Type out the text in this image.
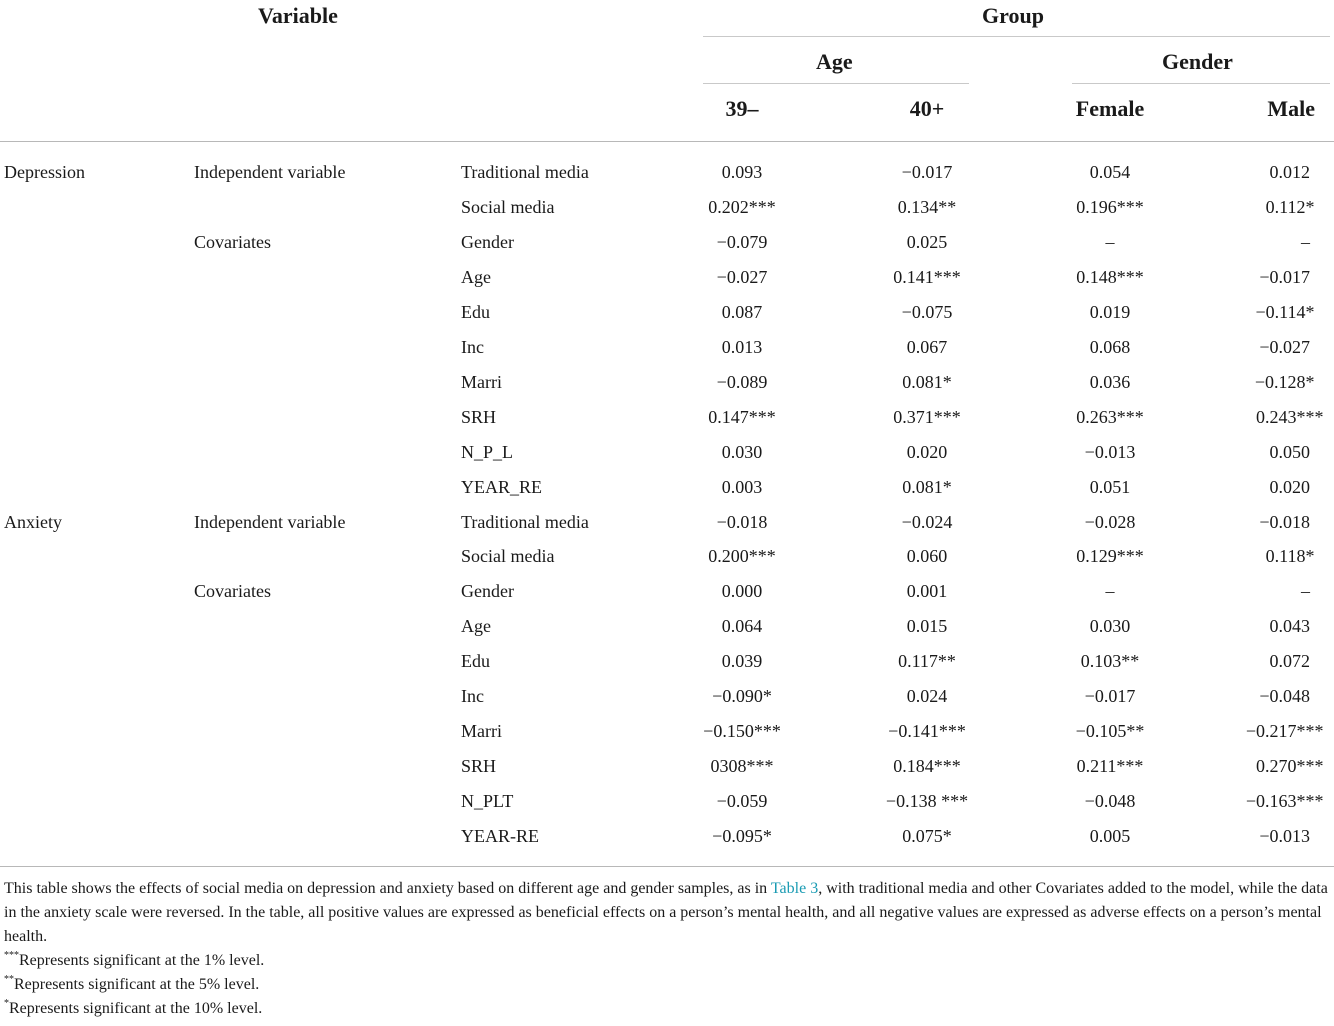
Variable	Group
Age	Gender
39–	40+	Female	Male
Depression	Independent variable	Traditional media	0.093	−0.017	0.054	0.012
Social media	0.202***	0.134**	0.196***	0.112*
Covariates	Gender	−0.079	0.025	–	–
Age	−0.027	0.141***	0.148***	−0.017
Edu	0.087	−0.075	0.019	−0.114*
Inc	0.013	0.067	0.068	−0.027
Marri	−0.089	0.081*	0.036	−0.128*
SRH	0.147***	0.371***	0.263***	0.243***
N_P_L	0.030	0.020	−0.013	0.050
YEAR_RE	0.003	0.081*	0.051	0.020
Anxiety	Independent variable	Traditional media	−0.018	−0.024	−0.028	−0.018
Social media	0.200***	0.060	0.129***	0.118*
Covariates	Gender	0.000	0.001	–	–
Age	0.064	0.015	0.030	0.043
Edu	0.039	0.117**	0.103**	0.072
Inc	−0.090*	0.024	−0.017	−0.048
Marri	−0.150***	−0.141***	−0.105**	−0.217***
SRH	0308***	0.184***	0.211***	0.270***
N_PLT	−0.059	−0.138 ***	−0.048	−0.163***
YEAR-RE	−0.095*	0.075*	0.005	−0.013

This table shows the effects of social media on depression and anxiety based on different age and gender samples, as in Table 3, with traditional media and other Covariates added to the model, while the data in the anxiety scale were reversed. In the table, all positive values are expressed as beneficial effects on a person’s mental health, and all negative values are expressed as adverse effects on a person’s mental health.

***Represents significant at the 1% level.

**Represents significant at the 5% level.

*Represents significant at the 10% level.
